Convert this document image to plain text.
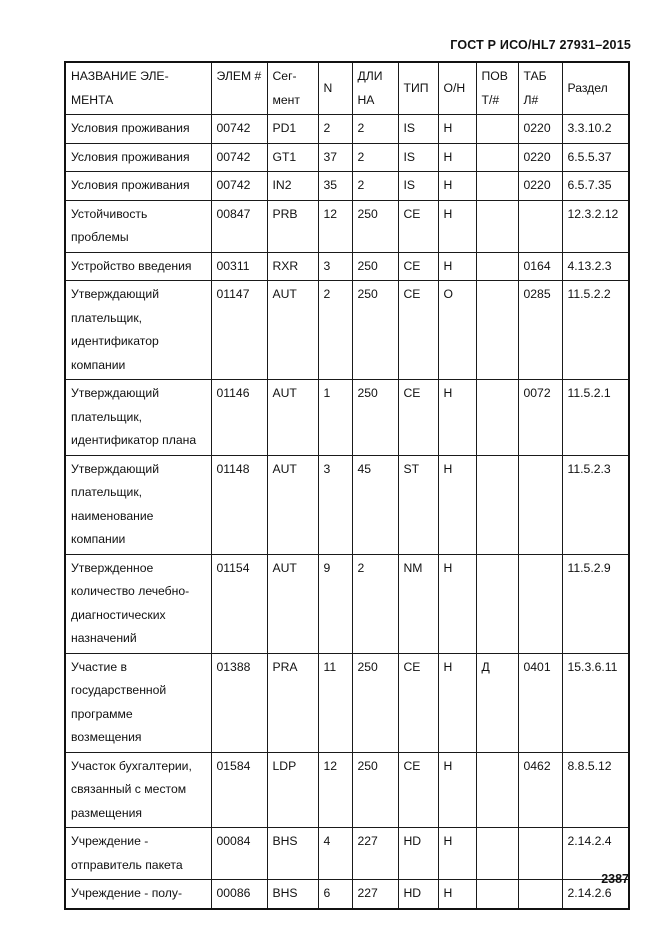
ГОСТ Р ИСО/HL7 27931–2015
НАЗВАНИЕ ЭЛЕ-МЕНТА	ЭЛЕМ #	Сег-мент	N	ДЛИ НА	ТИП	О/Н	ПОВ Т/#	ТАБ Л#	Раздел
Условия проживания	00742	PD1	2	2	IS	Н		0220	3.3.10.2
Условия проживания	00742	GT1	37	2	IS	Н		0220	6.5.5.37
Условия проживания	00742	IN2	35	2	IS	Н		0220	6.5.7.35
Устойчивость проблемы	00847	PRB	12	250	CE	Н			12.3.2.12
Устройство введения	00311	RXR	3	250	CE	Н		0164	4.13.2.3
Утверждающий плательщик, идентификатор компании	01147	AUT	2	250	CE	О		0285	11.5.2.2
Утверждающий плательщик, идентификатор плана	01146	AUT	1	250	CE	Н		0072	11.5.2.1
Утверждающий плательщик, наименование компании	01148	AUT	3	45	ST	Н			11.5.2.3
Утвержденное количество лечебно-диагностических назначений	01154	AUT	9	2	NM	Н			11.5.2.9
Участие в государственной программе возмещения	01388	PRA	11	250	CE	Н	Д	0401	15.3.6.11
Участок бухгалтерии, связанный с местом размещения	01584	LDP	12	250	CE	Н		0462	8.8.5.12
Учреждение - отправитель пакета	00084	BHS	4	227	HD	Н			2.14.2.4
Учреждение - полу-	00086	BHS	6	227	HD	Н			2.14.2.6
2387
